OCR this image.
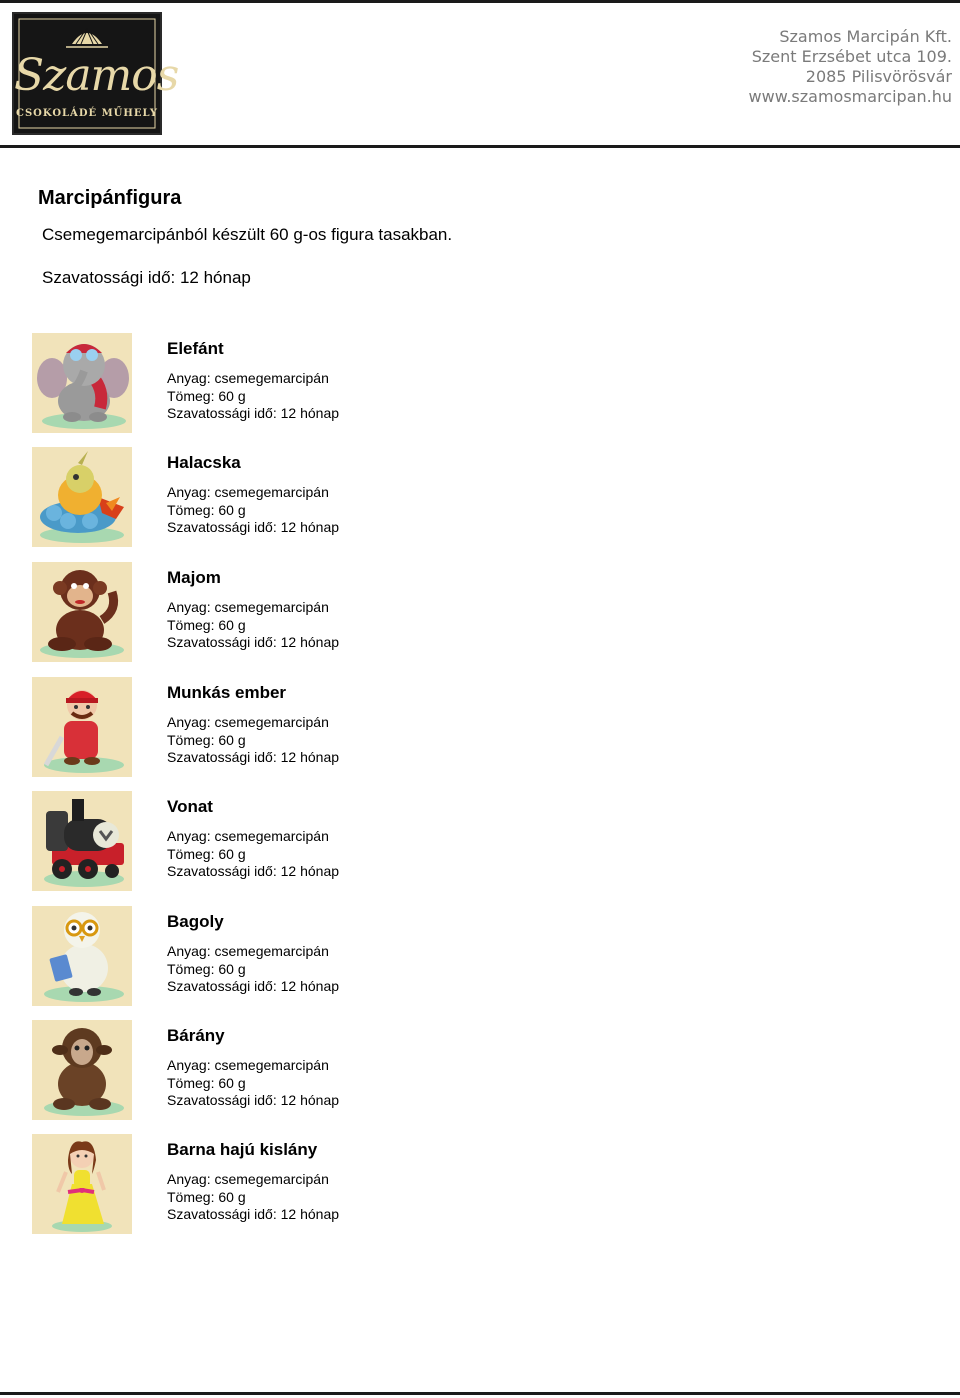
Szamos
CSOKOLÁDÉ MŰHELY
Szamos Marcipán Kft.
Szent Erzsébet utca 109.
2085 Pilisvörösvár
www.szamosmarcipan.hu
Marcipánfigura
Csemegemarcipánból készült 60 g-os figura tasakban.
Szavatossági idő: 12 hónap
Elefánt
Anyag: csemegemarcipán
Tömeg: 60 g
Szavatossági idő: 12 hónap
Halacska
Anyag: csemegemarcipán
Tömeg: 60 g
Szavatossági idő: 12 hónap
Majom
Anyag: csemegemarcipán
Tömeg: 60 g
Szavatossági idő: 12 hónap
Munkás ember
Anyag: csemegemarcipán
Tömeg: 60 g
Szavatossági idő: 12 hónap
Vonat
Anyag: csemegemarcipán
Tömeg: 60 g
Szavatossági idő: 12 hónap
Bagoly
Anyag: csemegemarcipán
Tömeg: 60 g
Szavatossági idő: 12 hónap
Bárány
Anyag: csemegemarcipán
Tömeg: 60 g
Szavatossági idő: 12 hónap
Barna hajú kislány
Anyag: csemegemarcipán
Tömeg: 60 g
Szavatossági idő: 12 hónap
